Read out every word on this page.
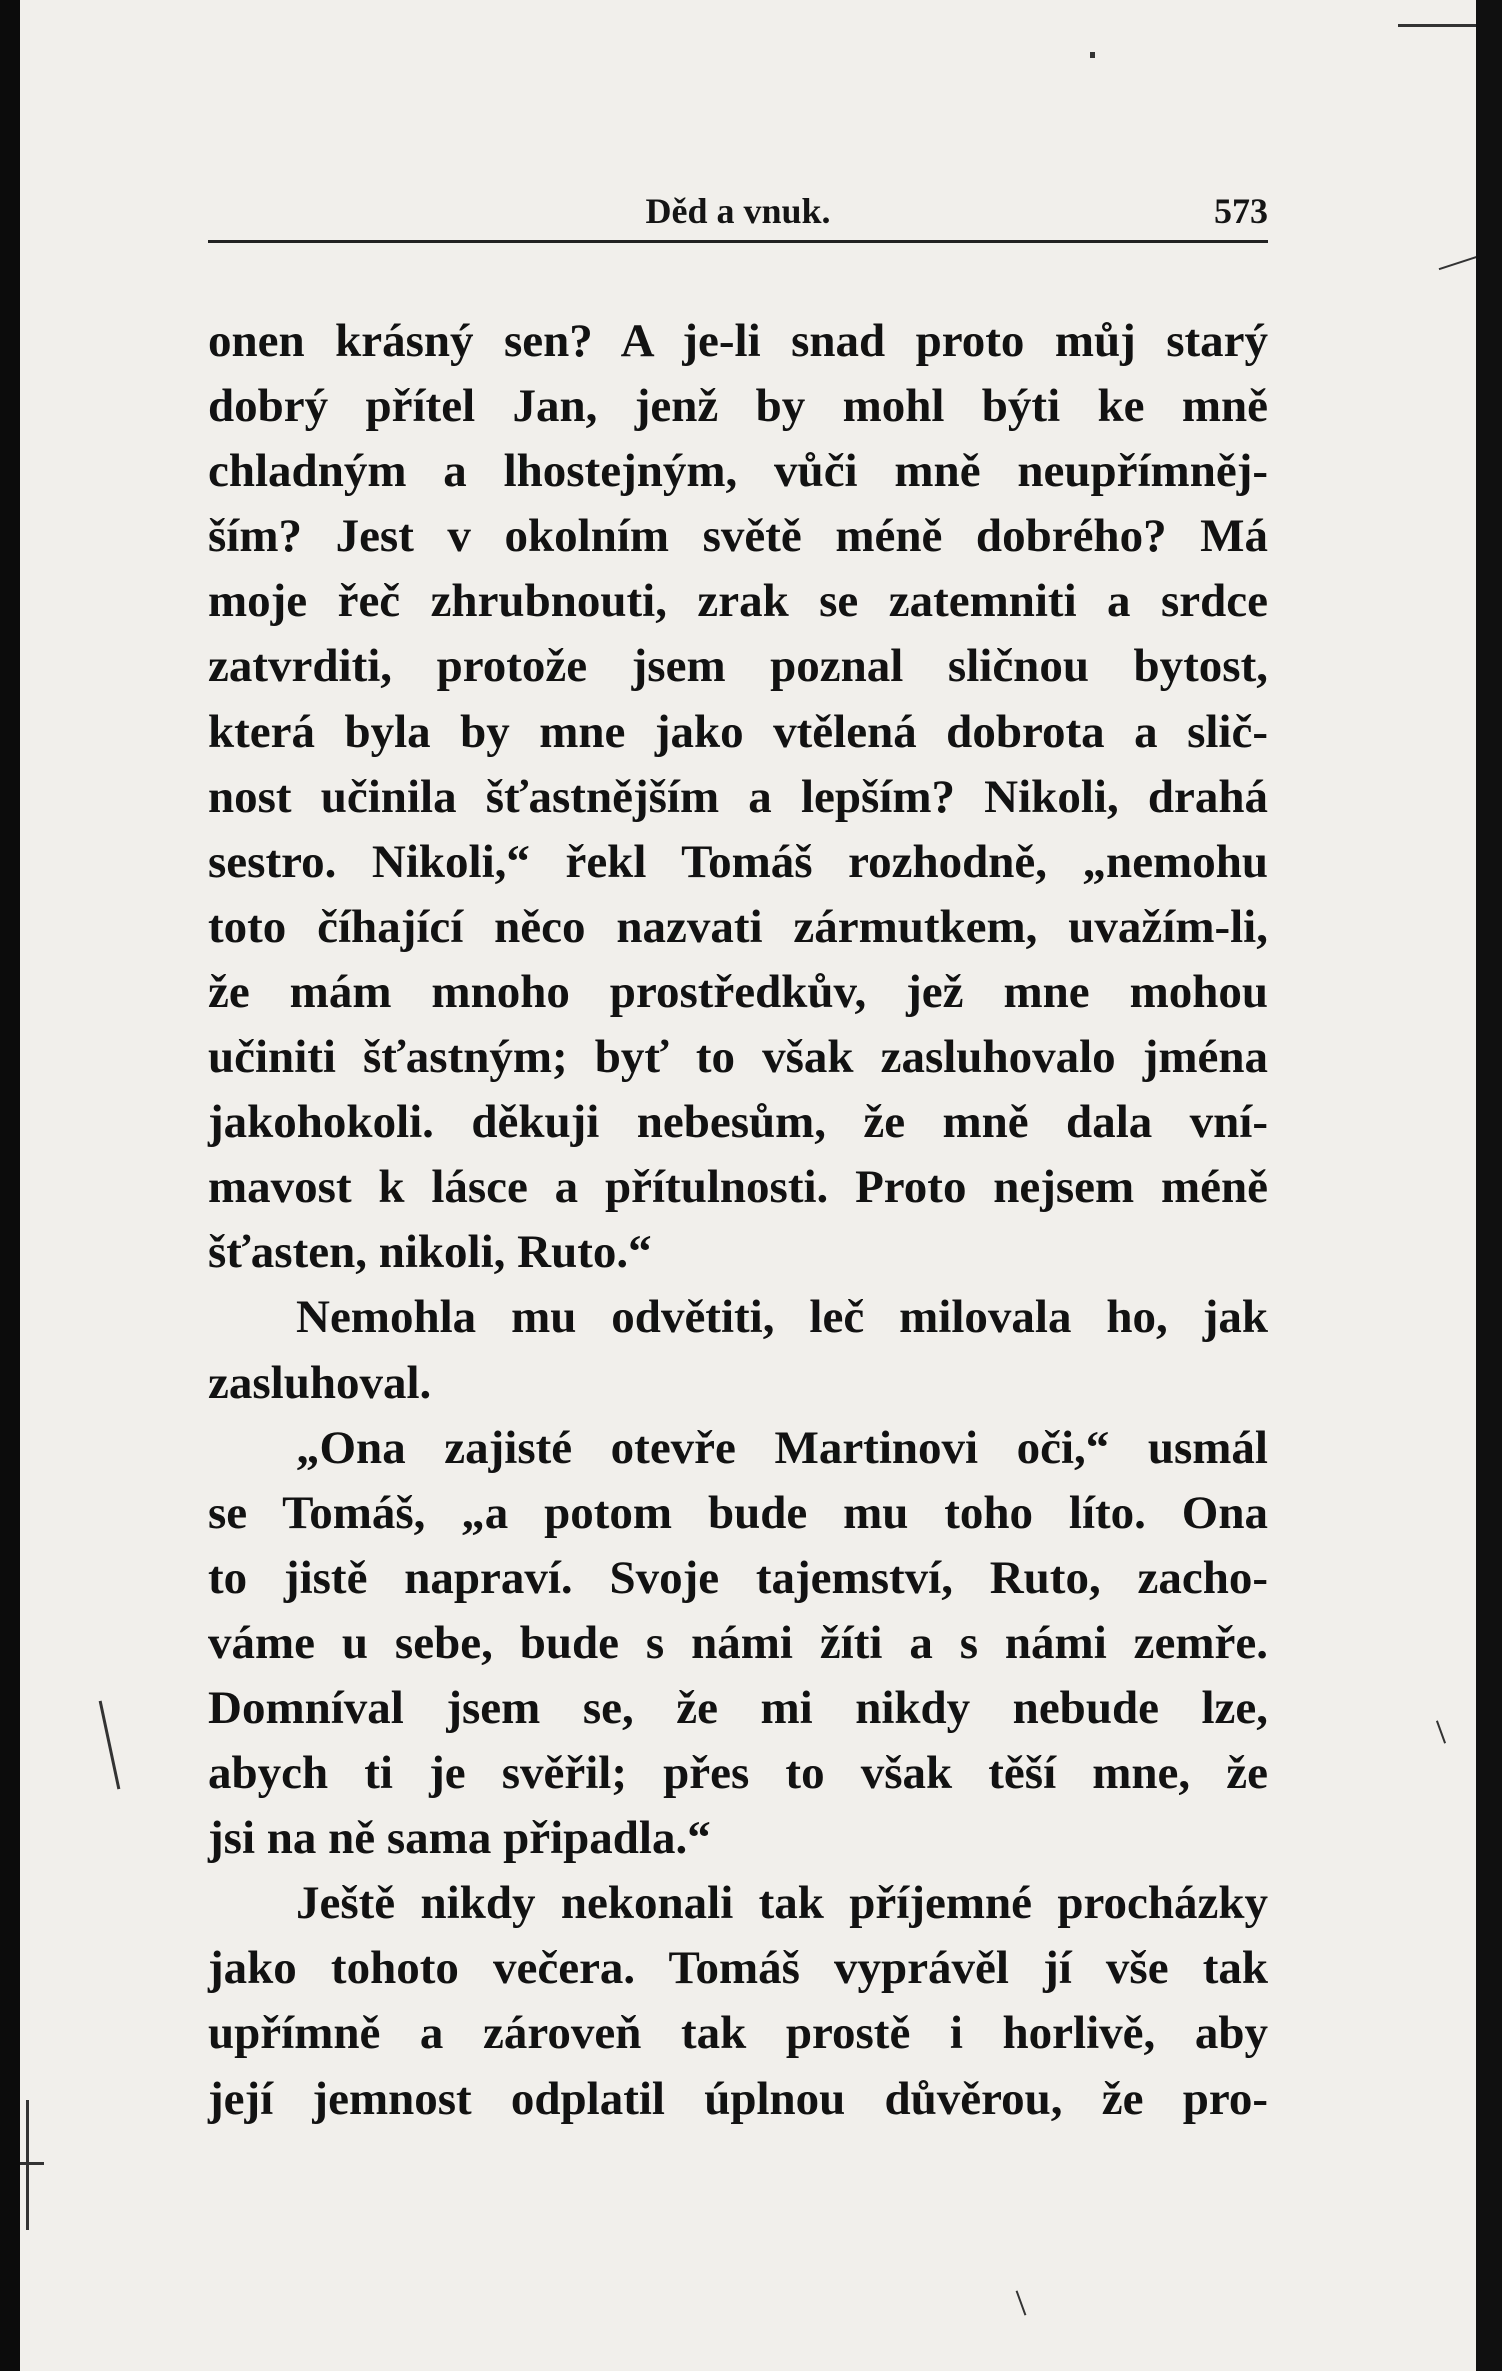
Děd a vnuk.	573
onen krásný sen? A je-li snad proto můj starý
dobrý přítel Jan, jenž by mohl býti ke mně
chladným a lhostejným, vůči mně neupřímněj-
ším? Jest v okolním světě méně dobrého? Má
moje řeč zhrubnouti, zrak se zatemniti a srdce
zatvrditi, protože jsem poznal sličnou bytost,
která byla by mne jako vtělená dobrota a slič-
nost učinila šťastnějším a lepším? Nikoli, drahá
sestro. Nikoli,“ řekl Tomáš rozhodně, „nemohu
toto číhající něco nazvati zármutkem, uvažím-li,
že mám mnoho prostředkův, jež mne mohou
učiniti šťastným; byť to však zasluhovalo jména
jakohokoli. děkuji nebesům, že mně dala vní-
mavost k lásce a přítulnosti. Proto nejsem méně
šťasten, nikoli, Ruto.“
Nemohla mu odvětiti, leč milovala ho, jak
zasluhoval.
„Ona zajisté otevře Martinovi oči,“ usmál
se Tomáš, „a potom bude mu toho líto. Ona
to jistě napraví. Svoje tajemství, Ruto, zacho-
váme u sebe, bude s námi žíti a s námi zemře.
Domníval jsem se, že mi nikdy nebude lze,
abych ti je svěřil; přes to však těší mne, že
jsi na ně sama připadla.“
Ještě nikdy nekonali tak příjemné procházky
jako tohoto večera. Tomáš vyprávěl jí vše tak
upřímně a zároveň tak prostě i horlivě, aby
její jemnost odplatil úplnou důvěrou, že pro-
